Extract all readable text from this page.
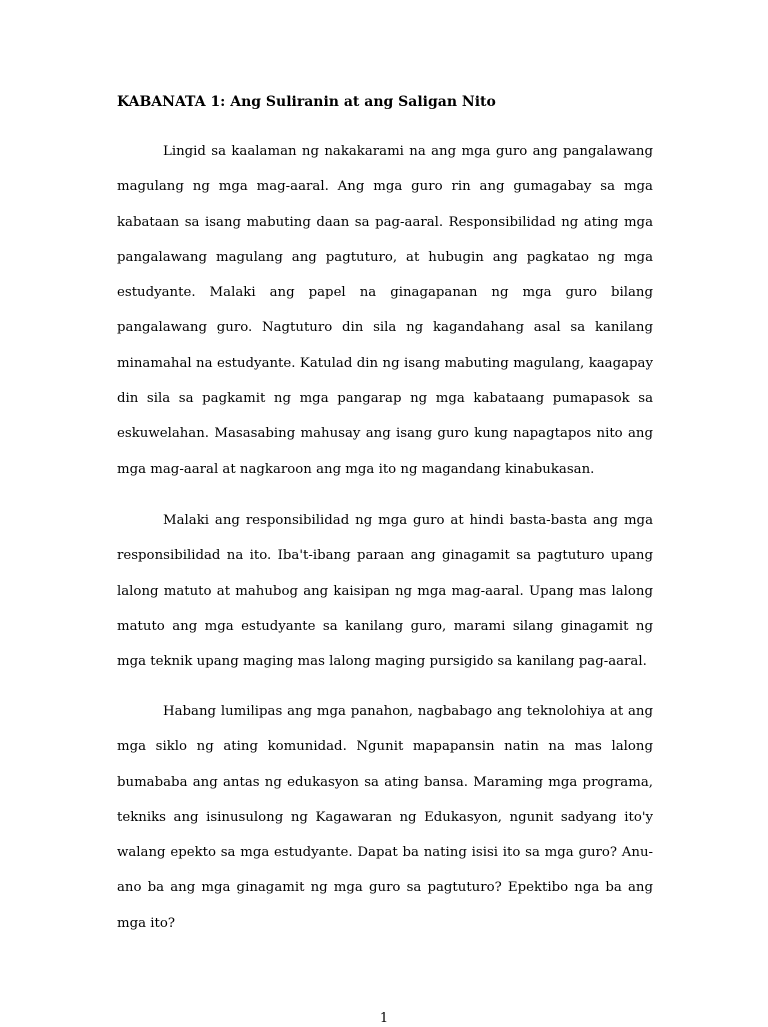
KABANATA 1: Ang Suliranin at ang Saligan Nito

Lingid sa kaalaman ng nakakarami na ang mga guro ang pangalawang magulang ng mga mag-aaral. Ang mga guro rin ang gumagabay sa mga kabataan sa isang mabuting daan sa pag-aaral. Responsibilidad ng ating mga pangalawang magulang ang pagtuturo, at hubugin ang pagkatao ng mga estudyante. Malaki ang papel na ginagapanan ng mga guro bilang pangalawang guro. Nagtuturo din sila ng kagandahang asal sa kanilang minamahal na estudyante. Katulad din ng isang mabuting magulang, kaagapay din sila sa pagkamit ng mga pangarap ng mga kabataang pumapasok sa eskuwelahan. Masasabing mahusay ang isang guro kung napagtapos nito ang mga mag-aaral at nagkaroon ang mga ito ng magandang kinabukasan.

Malaki ang responsibilidad ng mga guro at hindi basta-basta ang mga responsibilidad na ito. Iba't-ibang paraan ang ginagamit sa pagtuturo upang lalong matuto at mahubog ang kaisipan ng mga mag-aaral. Upang mas lalong matuto ang mga estudyante sa kanilang guro, marami silang ginagamit ng mga teknik upang maging mas lalong maging pursigido sa kanilang pag-aaral.

Habang lumilipas ang mga panahon, nagbabago ang teknolohiya at ang mga siklo ng ating komunidad. Ngunit mapapansin natin na mas lalong bumababa ang antas ng edukasyon sa ating bansa. Maraming mga programa, tekniks ang isinusulong ng Kagawaran ng Edukasyon, ngunit sadyang ito'y walang epekto sa mga estudyante. Dapat ba nating isisi ito sa mga guro? Anu-ano ba ang mga ginagamit ng mga guro sa pagtuturo? Epektibo nga ba ang mga ito?

1
